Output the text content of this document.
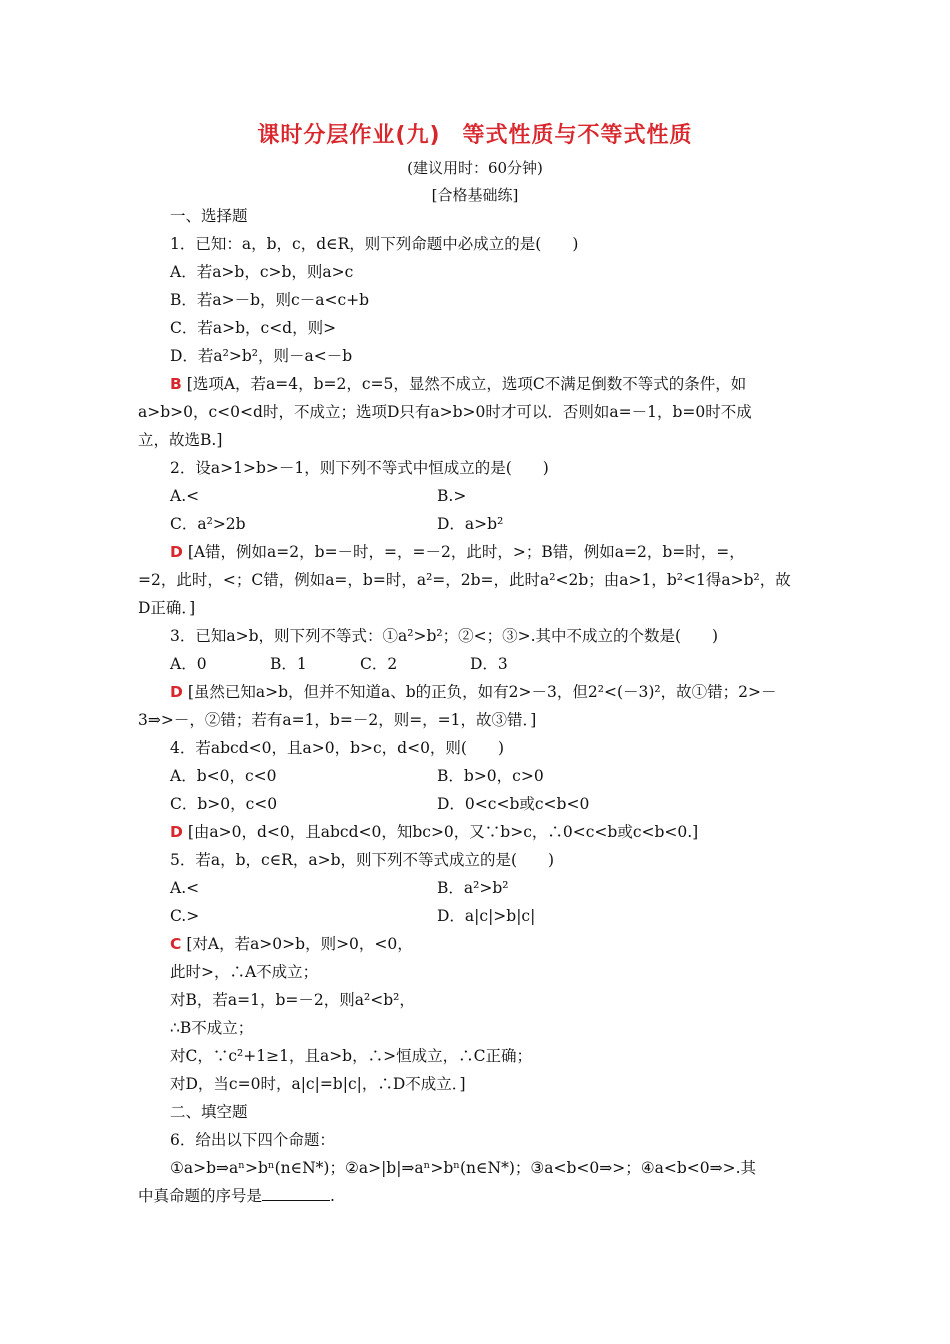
课时分层作业(九) 等式性质与不等式性质
(建议用时：60分钟)
[合格基础练]
一、选择题
1．已知：a，b，c，d∈R，则下列命题中必成立的是(　　)
A．若a>b，c>b，则a>c
B．若a>－b，则c－a<c+b
C．若a>b，c<d，则>
D．若a²>b²，则－a<－b
B [选项A，若a=4，b=2，c=5，显然不成立，选项C不满足倒数不等式的条件，如
a>b>0，c<0<d时，不成立；选项D只有a>b>0时才可以．否则如a=－1，b=0时不成
立，故选B.]
2．设a>1>b>－1，则下列不等式中恒成立的是(　　)
A.<	B.>
C．a²>2b	D．a>b²
D [A错，例如a=2，b=－时，=，=－2，此时，>；B错，例如a=2，b=时，=，
=2，此时，<；C错，例如a=，b=时，a²=，2b=，此时a²<2b；由a>1，b²<1得a>b²，故
D正确．]
3．已知a>b，则下列不等式：①a²>b²；②<；③>.其中不成立的个数是(　　)
A．0	B．1	C．2	D．3
D [虽然已知a>b，但并不知道a、b的正负，如有2>－3，但2²<(－3)²，故①错；2>－
3⇒>－，②错；若有a=1，b=－2，则=，=1，故③错．]
4．若abcd<0，且a>0，b>c，d<0，则(　　)
A．b<0，c<0	B．b>0，c>0
C．b>0，c<0	D．0<c<b或c<b<0
D [由a>0，d<0，且abcd<0，知bc>0，又∵b>c，∴0<c<b或c<b<0.]
5．若a，b，c∈R，a>b，则下列不等式成立的是(　　)
A.<	B．a²>b²
C.>	D．a|c|>b|c|
C [对A，若a>0>b，则>0，<0，
此时>，∴A不成立；
对B，若a=1，b=－2，则a²<b²，
∴B不成立；
对C，∵c²+1≥1，且a>b，∴>恒成立，∴C正确；
对D，当c=0时，a|c|=b|c|，∴D不成立．]
二、填空题
6．给出以下四个命题：
①a>b⇒aⁿ>bⁿ(n∈N*)；②a>|b|⇒aⁿ>bⁿ(n∈N*)；③a<b<0⇒>；④a<b<0⇒>.其
中真命题的序号是	.
